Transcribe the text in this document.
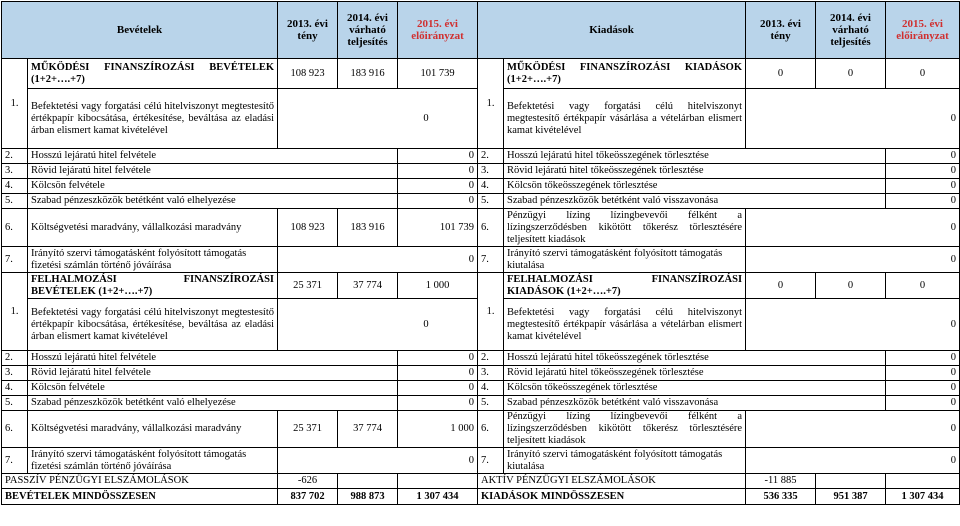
Bevételek		2013. évi tény	2014. évi várható teljesítés	2015. évi előirányzat	Kiadások		2013. évi tény	2014. évi várható teljesítés	2015. évi előirányzat
1.	MŰKÖDÉSI FINANSZÍROZÁSI BEVÉTELEK (1+2+….+7)	108 923	183 916	101 739	1.	MŰKÖDÉSI FINANSZÍROZÁSI KIADÁSOK (1+2+….+7)	0	0	0
	Befektetési vagy forgatási célú hitelviszonyt megtestesítő értékpapír kibocsátása, értékesítése, beváltása az eladási árban elismert kamat kivételével	0				Befektetési vagy forgatási célú hitelviszonyt megtestesítő értékpapír vásárlása a vételárban elismert kamat kivételével	0		
2.	Hosszú lejáratú hitel felvétele			0	2.	Hosszú lejáratú hitel tőkeösszegének törlesztése			0
3.	Rövid lejáratú hitel felvétele			0	3.	Rövid lejáratú hitel tőkeösszegének törlesztése			0
4.	Kölcsön felvétele			0	4.	Kölcsön tőkeösszegének törlesztése			0
5.	Szabad pénzeszközök betétként való elhelyezése			0	5.	Szabad pénzeszközök betétként való visszavonása			0
6.	Költségvetési maradvány, vállalkozási maradvány	108 923	183 916	101 739	6.	Pénzügyi lízing lízingbevevői félként a lízingszerződésben kikötött tőkerész törlesztésére teljesített kiadások	0		
7.	Irányító szervi támogatásként folyósított támogatás fizetési számlán történő jóváírása	0			7.	Irányító szervi támogatásként folyósított támogatás kiutalása	0		
1.	FELHALMOZÁSI FINANSZÍROZÁSI BEVÉTELEK (1+2+….+7)	25 371	37 774	1 000	1.	FELHALMOZÁSI FINANSZÍROZÁSI KIADÁSOK (1+2+….+7)	0	0	0
	Befektetési vagy forgatási célú hitelviszonyt megtestesítő értékpapír kibocsátása, értékesítése, beváltása az eladási árban elismert kamat kivételével	0				Befektetési vagy forgatási célú hitelviszonyt megtestesítő értékpapír vásárlása a vételárban elismert kamat kivételével	0		
2.	Hosszú lejáratú hitel felvétele			0	2.	Hosszú lejáratú hitel tőkeösszegének törlesztése			0
3.	Rövid lejáratú hitel felvétele			0	3.	Rövid lejáratú hitel tőkeösszegének törlesztése			0
4.	Kölcsön felvétele			0	4.	Kölcsön tőkeösszegének törlesztése			0
5.	Szabad pénzeszközök betétként való elhelyezése			0	5.	Szabad pénzeszközök betétként való visszavonása			0
6.	Költségvetési maradvány, vállalkozási maradvány	25 371	37 774	1 000	6.	Pénzügyi lízing lízingbevevői félként a lízingszerződésben kikötött tőkerész törlesztésére teljesített kiadások	0		
7.	Irányító szervi támogatásként folyósított támogatás fizetési számlán történő jóváírása	0			7.	Irányító szervi támogatásként folyósított támogatás kiutalása	0		
PASSZÍV PÉNZÜGYI ELSZÁMOLÁSOK		-626			AKTÍV PÉNZÜGYI ELSZÁMOLÁSOK		-11 885		
BEVÉTELEK MINDÖSSZESEN		837 702	988 873	1 307 434	KIADÁSOK MINDÖSSZESEN		536 335	951 387	1 307 434
